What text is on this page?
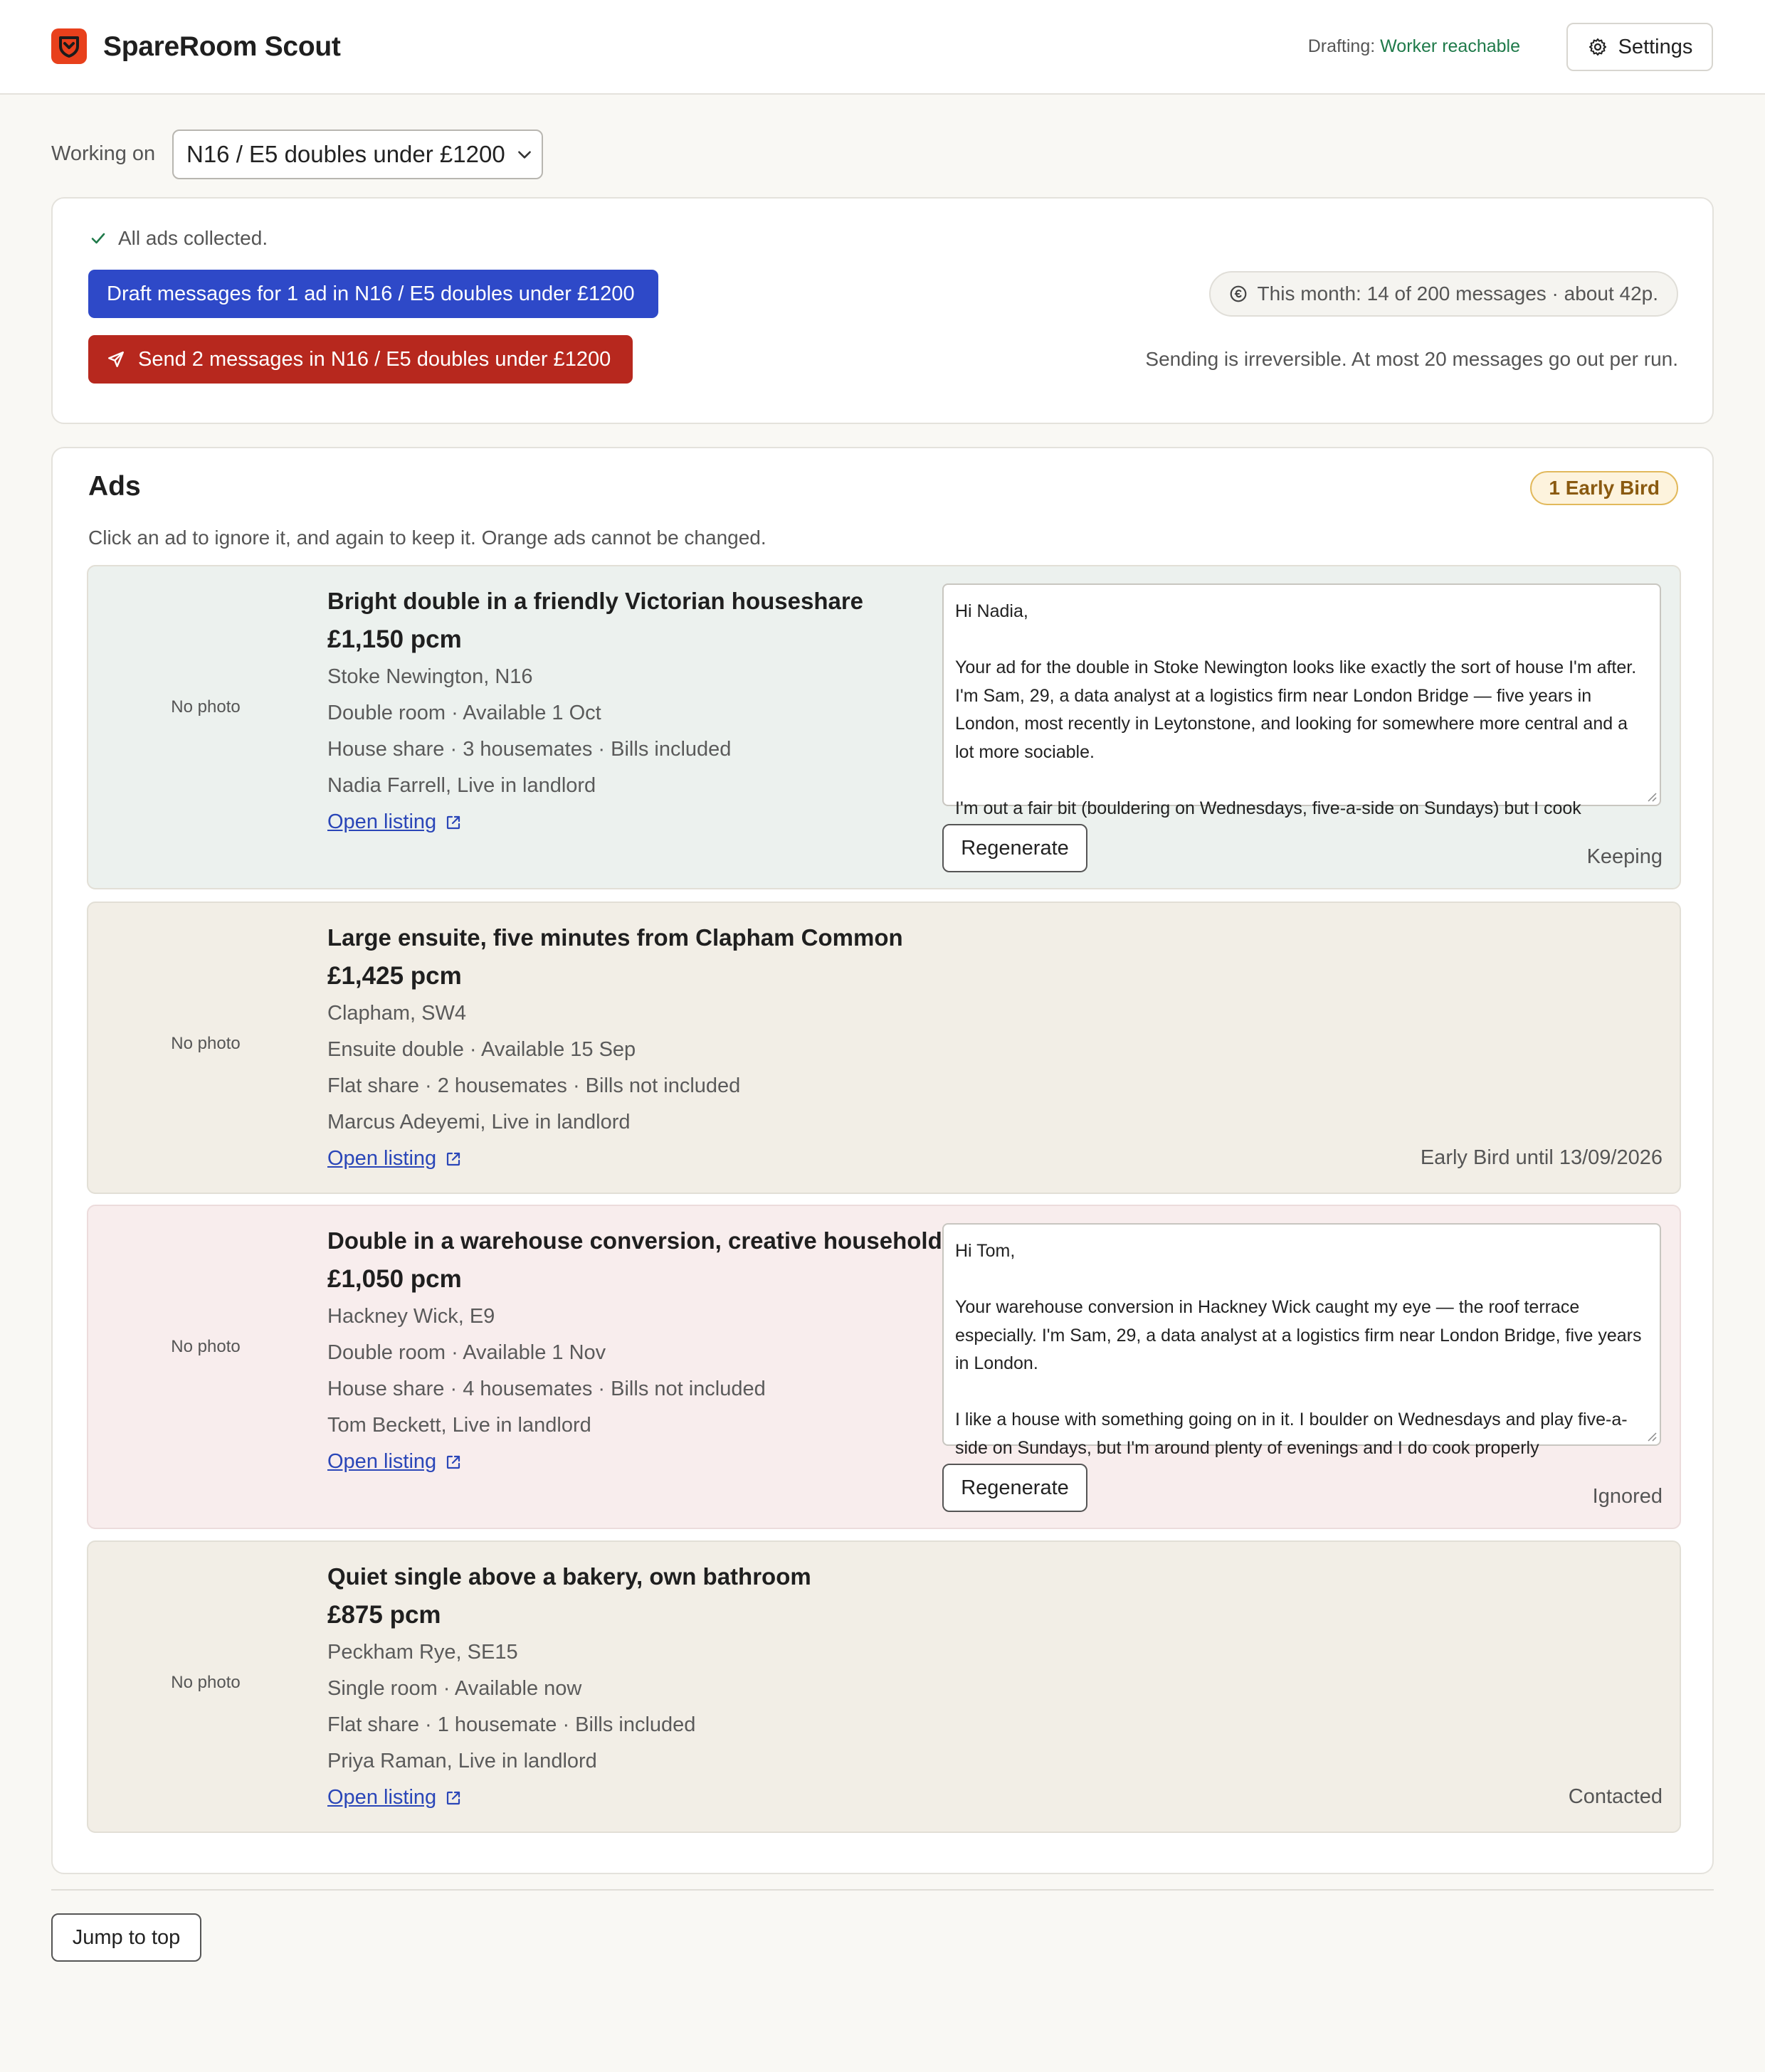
SpareRoom Scout	Drafting: Worker reachable	Settings
Working on N16 / E5 doubles under £1200
All ads collected.
Draft messages for 1 ad in N16 / E5 doubles under £1200
Send 2 messages in N16 / E5 doubles under £1200
This month: 14 of 200 messages · about 42p.
Sending is irreversible. At most 20 messages go out per run.
Ads	1 Early Bird
Click an ad to ignore it, and again to keep it. Orange ads cannot be changed.
No photo
Bright double in a friendly Victorian houseshare
£1,150 pcm
Stoke Newington, N16
Double room · Available 1 Oct
House share · 3 housemates · Bills included
Nadia Farrell, Live in landlord
Open listing
Hi Nadia,

Your ad for the double in Stoke Newington looks like exactly the sort of house I'm after. I'm Sam, 29, a data analyst at a logistics firm near London Bridge — five years in London, most recently in Leytonstone, and looking for somewhere more central and a lot more sociable.

I'm out a fair bit (bouldering on Wednesdays, five-a-side on Sundays) but I cook
Regenerate	Keeping
No photo
Large ensuite, five minutes from Clapham Common
£1,425 pcm
Clapham, SW4
Ensuite double · Available 15 Sep
Flat share · 2 housemates · Bills not included
Marcus Adeyemi, Live in landlord
Open listing	Early Bird until 13/09/2026
No photo
Double in a warehouse conversion, creative household
£1,050 pcm
Hackney Wick, E9
Double room · Available 1 Nov
House share · 4 housemates · Bills not included
Tom Beckett, Live in landlord
Open listing
Hi Tom,

Your warehouse conversion in Hackney Wick caught my eye — the roof terrace especially. I'm Sam, 29, a data analyst at a logistics firm near London Bridge, five years in London.

I like a house with something going on in it. I boulder on Wednesdays and play five-a-side on Sundays, but I'm around plenty of evenings and I do cook properly
Regenerate	Ignored
No photo
Quiet single above a bakery, own bathroom
£875 pcm
Peckham Rye, SE15
Single room · Available now
Flat share · 1 housemate · Bills included
Priya Raman, Live in landlord
Open listing	Contacted
Jump to top
